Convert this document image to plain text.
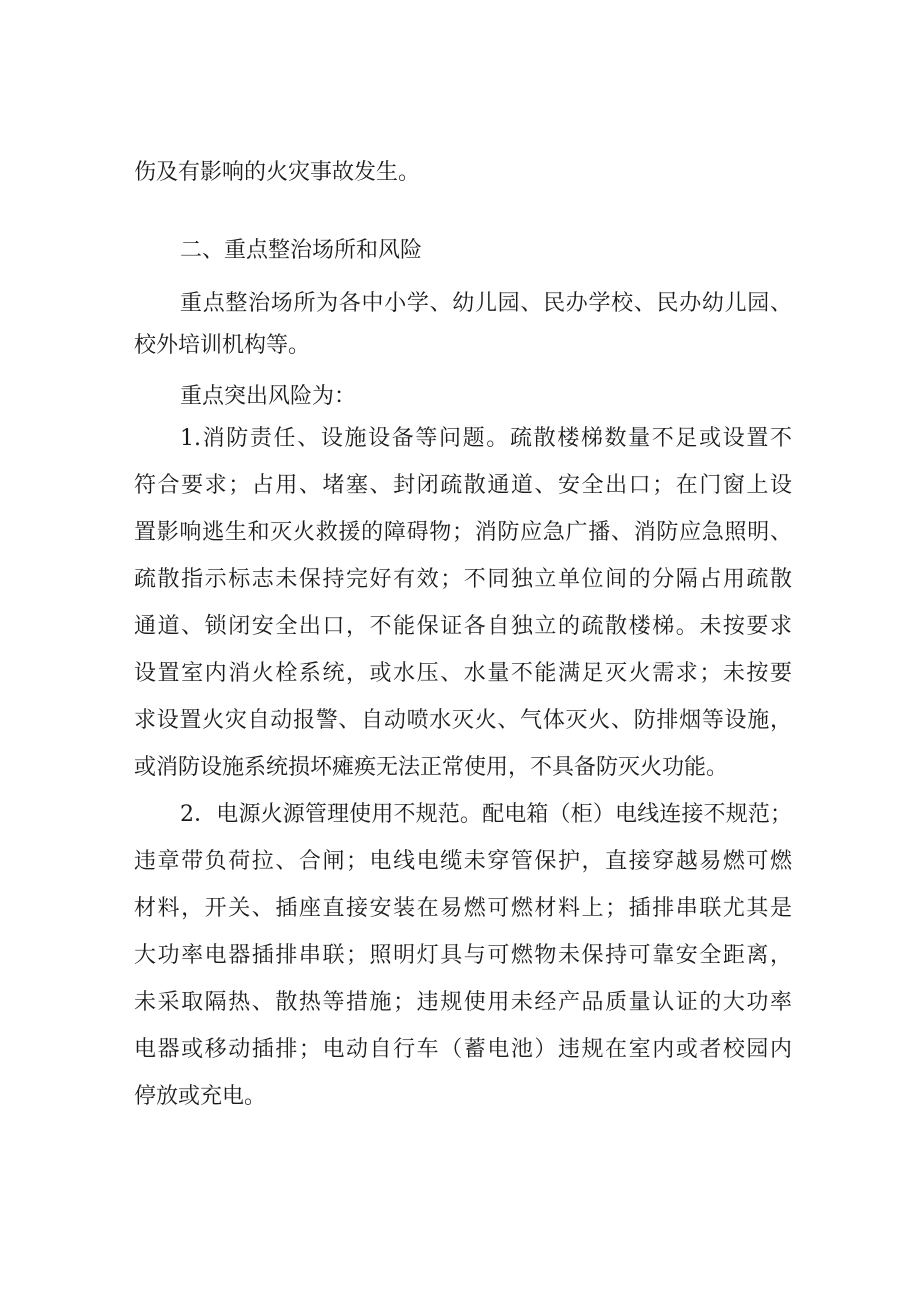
伤及有影响的火灾事故发生。
二、重点整治场所和风险
重点整治场所为各中小学、幼儿园、民办学校、民办幼儿园、
校外培训机构等。
重点突出风险为：
1.消防责任、设施设备等问题。疏散楼梯数量不足或设置不
符合要求；占用、堵塞、封闭疏散通道、安全出口；在门窗上设
置影响逃生和灭火救援的障碍物；消防应急广播、消防应急照明、
疏散指示标志未保持完好有效；不同独立单位间的分隔占用疏散
通道、锁闭安全出口，不能保证各自独立的疏散楼梯。未按要求
设置室内消火栓系统，或水压、水量不能满足灭火需求；未按要
求设置火灾自动报警、自动喷水灭火、气体灭火、防排烟等设施，
或消防设施系统损坏瘫痪无法正常使用，不具备防灭火功能。
2．电源火源管理使用不规范。配电箱（柜）电线连接不规范；
违章带负荷拉、合闸；电线电缆未穿管保护，直接穿越易燃可燃
材料，开关、插座直接安装在易燃可燃材料上；插排串联尤其是
大功率电器插排串联；照明灯具与可燃物未保持可靠安全距离，
未采取隔热、散热等措施；违规使用未经产品质量认证的大功率
电器或移动插排；电动自行车（蓄电池）违规在室内或者校园内
停放或充电。
